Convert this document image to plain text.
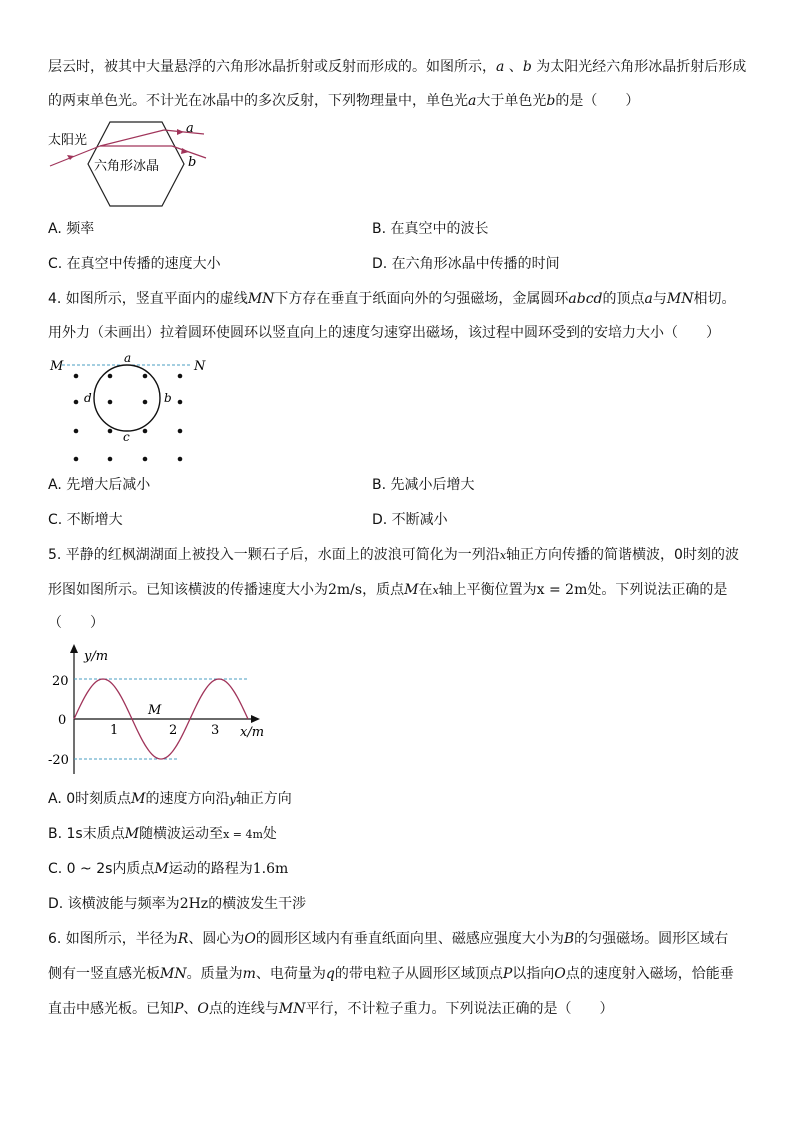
层云时，被其中大量悬浮的六角形冰晶折射或反射而形成的。如图所示，a 、b 为太阳光经六角形冰晶折射后形成
的两束单色光。不计光在冰晶中的多次反射，下列物理量中，单色光a大于单色光b的是（　　）
太阳光
六角形冰晶
a
b
A. 频率	B. 在真空中的波长
C. 在真空中传播的速度大小	D. 在六角形冰晶中传播的时间
4. 如图所示，竖直平面内的虚线MN下方存在垂直于纸面向外的匀强磁场，金属圆环abcd的顶点a与MN相切。
用外力（未画出）拉着圆环使圆环以竖直向上的速度匀速穿出磁场，该过程中圆环受到的安培力大小（　　）
M	N
a
b
c
d
A. 先增大后减小	B. 先减小后增大
C. 不断增大	D. 不断减小
5. 平静的红枫湖湖面上被投入一颗石子后，水面上的波浪可简化为一列沿x轴正方向传播的简谐横波，0时刻的波
形图如图所示。已知该横波的传播速度大小为2m/s，质点M在x轴上平衡位置为x = 2m处。下列说法正确的是
（　　）
y/m
x/m
20
0
-20
1	2	3
M
A. 0时刻质点M的速度方向沿y轴正方向
B. 1s末质点M随横波运动至x = 4m处
C. 0 ~ 2s内质点M运动的路程为1.6m
D. 该横波能与频率为2Hz的横波发生干涉
6. 如图所示，半径为R、圆心为O的圆形区域内有垂直纸面向里、磁感应强度大小为B的匀强磁场。圆形区域右
侧有一竖直感光板MN。质量为m、电荷量为q的带电粒子从圆形区域顶点P以指向O点的速度射入磁场，恰能垂
直击中感光板。已知P、O点的连线与MN平行，不计粒子重力。下列说法正确的是（　　）
